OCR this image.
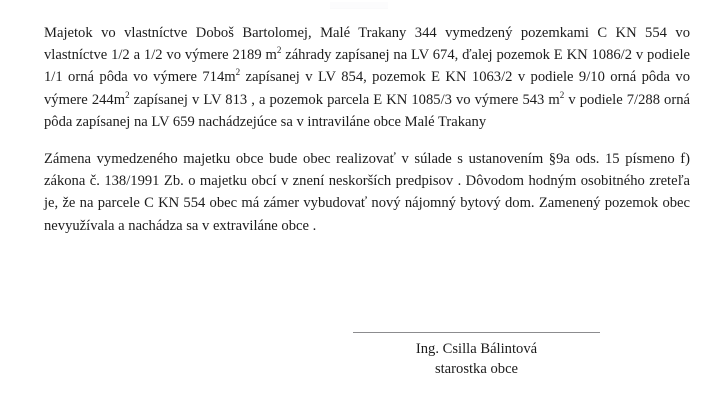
Majetok vo vlastníctve Doboš Bartolomej, Malé Trakany 344 vymedzený pozemkami C KN 554 vo vlastníctve 1/2 a 1/2 vo výmere 2189 $m^2$ záhrady zapísanej na LV 674, ďalej pozemok E KN 1086/2 v podiele 1/1 orná pôda vo výmere $714m^2$ zapísanej v LV 854, pozemok E KN 1063/2 v podiele 9/10 orná pôda vo výmere $244m^2$ zapísanej v LV 813 , a pozemok parcela E KN 1085/3 vo výmere 543 $m^2$ v podiele 7/288 orná pôda zapísanej na LV 659 nachádzejúce sa v intraviláne obce Malé Trakany

Zámena vymedzeného majetku obce bude obec realizovať v súlade s ustanovením §9a ods. 15 písmeno f) zákona č. 138/1991 Zb. o majetku obcí v znení neskorších predpisov . Dôvodom hodným osobitného zreteľa je, že na parcele C KN 554 obec má zámer vybudovať nový nájomný bytový dom. Zamenený pozemok obec nevyužívala a nachádza sa v extraviláne obce .

Ing. Csilla Bálintová
starostka obce
